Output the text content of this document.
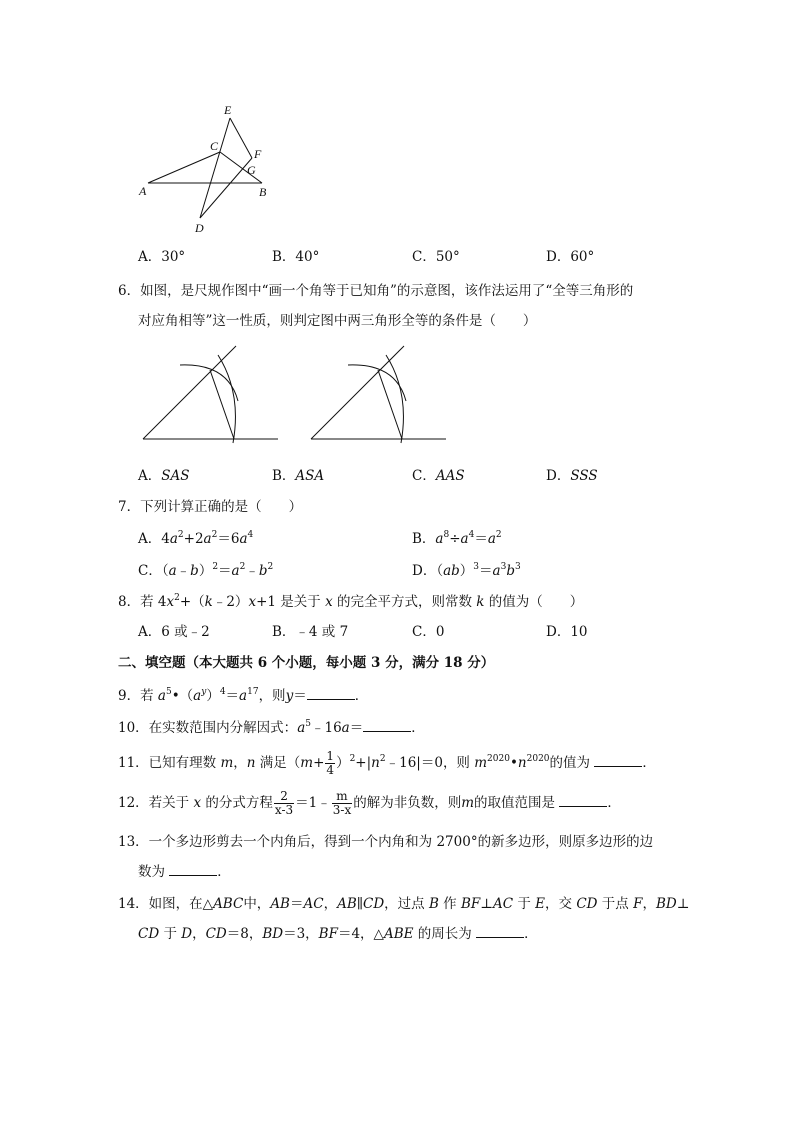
E
C
F
G
A	B
D
A．30°	B．40°	C．50°	D．60°
6．如图，是尺规作图中“画一个角等于已知角”的示意图，该作法运用了“全等三角形的
对应角相等”这一性质，则判定图中两三角形全等的条件是（　　）
A．SAS	B．ASA	C．AAS	D．SSS
7．下列计算正确的是（　　）
A．$4a^2+2a^2=6a^4$	B．$a^8\div a^4=a^2$
C．$(a﹣b)^2=a^2﹣b^2$	D．$(ab)^3=a^3b^3$
8．若 $4x^2+(k﹣2)x+1$ 是关于 x 的完全平方式，则常数 k 的值为（　　）
A．6 或﹣2	B．﹣4 或 7	C．0	D．10
二、填空题（本大题共 6 个小题，每小题 3 分，满分 18 分）
9．若 $a^5•(a^y)^4=a^{17}$，则y＝	．
10．在实数范围内分解因式：$a^5﹣16a=$	．
11．已知有理数 m，n 满足（$m+ \frac{1}{4}$ ）$^2+|n^2﹣16|=0$，则 $m^{2020}•n^{2020}$的值为	．
12．若关于 x 的分式方程 $\frac{2}{x-3}$ ＝1﹣ $\frac{m}{3-x}$ 的解为非负数，则m的取值范围是	．
13．一个多边形剪去一个内角后，得到一个内角和为 2700°的新多边形，则原多边形的边
数为	．
14．如图，在△ABC中，AB＝AC，AB∥CD，过点 B 作 BF⊥AC 于 E，交 CD 于点 F，BD⊥
CD 于 D，CD＝8，BD＝3，BF＝4，△ABE 的周长为	．
